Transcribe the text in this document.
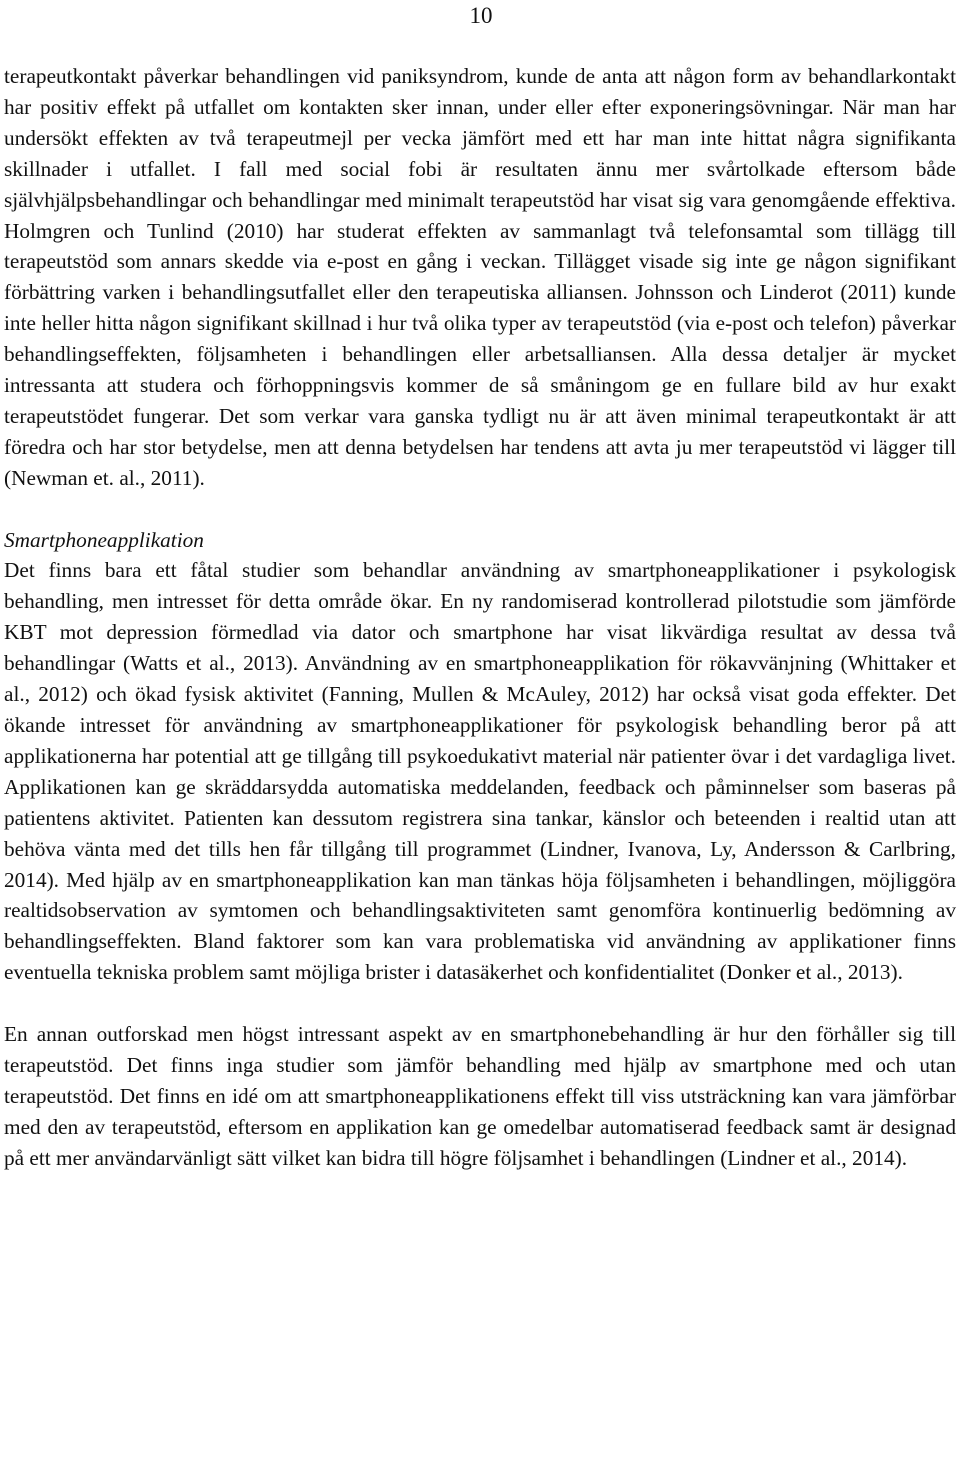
10

terapeutkontakt påverkar behandlingen vid paniksyndrom, kunde de anta att någon form av behandlarkontakt har positiv effekt på utfallet om kontakten sker innan, under eller efter exponeringsövningar. När man har undersökt effekten av två terapeutmejl per vecka jämfört med ett har man inte hittat några signifikanta skillnader i utfallet. I fall med social fobi är resultaten ännu mer svårtolkade eftersom både självhjälpsbehandlingar och behandlingar med minimalt terapeutstöd har visat sig vara genomgående effektiva. Holmgren och Tunlind (2010) har studerat effekten av sammanlagt två telefonsamtal som tillägg till terapeutstöd som annars skedde via e-post en gång i veckan. Tillägget visade sig inte ge någon signifikant förbättring varken i behandlingsutfallet eller den terapeutiska alliansen. Johnsson och Linderot (2011) kunde inte heller hitta någon signifikant skillnad i hur två olika typer av terapeutstöd (via e-post och telefon) påverkar behandlingseffekten, följsamheten i behandlingen eller arbetsalliansen. Alla dessa detaljer är mycket intressanta att studera och förhoppningsvis kommer de så småningom ge en fullare bild av hur exakt terapeutstödet fungerar. Det som verkar vara ganska tydligt nu är att även minimal terapeutkontakt är att föredra och har stor betydelse, men att denna betydelsen har tendens att avta ju mer terapeutstöd vi lägger till (Newman et. al., 2011).

Smartphoneapplikation

Det finns bara ett fåtal studier som behandlar användning av smartphoneapplikationer i psykologisk behandling, men intresset för detta område ökar. En ny randomiserad kontrollerad pilotstudie som jämförde KBT mot depression förmedlad via dator och smartphone har visat likvärdiga resultat av dessa två behandlingar (Watts et al., 2013). Användning av en smartphoneapplikation för rökavvänjning (Whittaker et al., 2012) och ökad fysisk aktivitet (Fanning, Mullen & McAuley, 2012) har också visat goda effekter. Det ökande intresset för användning av smartphoneapplikationer för psykologisk behandling beror på att applikationerna har potential att ge tillgång till psykoedukativt material när patienter övar i det vardagliga livet. Applikationen kan ge skräddarsydda automatiska meddelanden, feedback och påminnelser som baseras på patientens aktivitet. Patienten kan dessutom registrera sina tankar, känslor och beteenden i realtid utan att behöva vänta med det tills hen får tillgång till programmet (Lindner, Ivanova, Ly, Andersson & Carlbring, 2014). Med hjälp av en smartphoneapplikation kan man tänkas höja följsamheten i behandlingen, möjliggöra realtidsobservation av symtomen och behandlingsaktiviteten samt genomföra kontinuerlig bedömning av behandlingseffekten. Bland faktorer som kan vara problematiska vid användning av applikationer finns eventuella tekniska problem samt möjliga brister i datasäkerhet och konfidentialitet (Donker et al., 2013).

En annan outforskad men högst intressant aspekt av en smartphonebehandling är hur den förhåller sig till terapeutstöd. Det finns inga studier som jämför behandling med hjälp av smartphone med och utan terapeutstöd. Det finns en idé om att smartphoneapplikationens effekt till viss utsträckning kan vara jämförbar med den av terapeutstöd, eftersom en applikation kan ge omedelbar automatiserad feedback samt är designad på ett mer användarvänligt sätt vilket kan bidra till högre följsamhet i behandlingen (Lindner et al., 2014).
